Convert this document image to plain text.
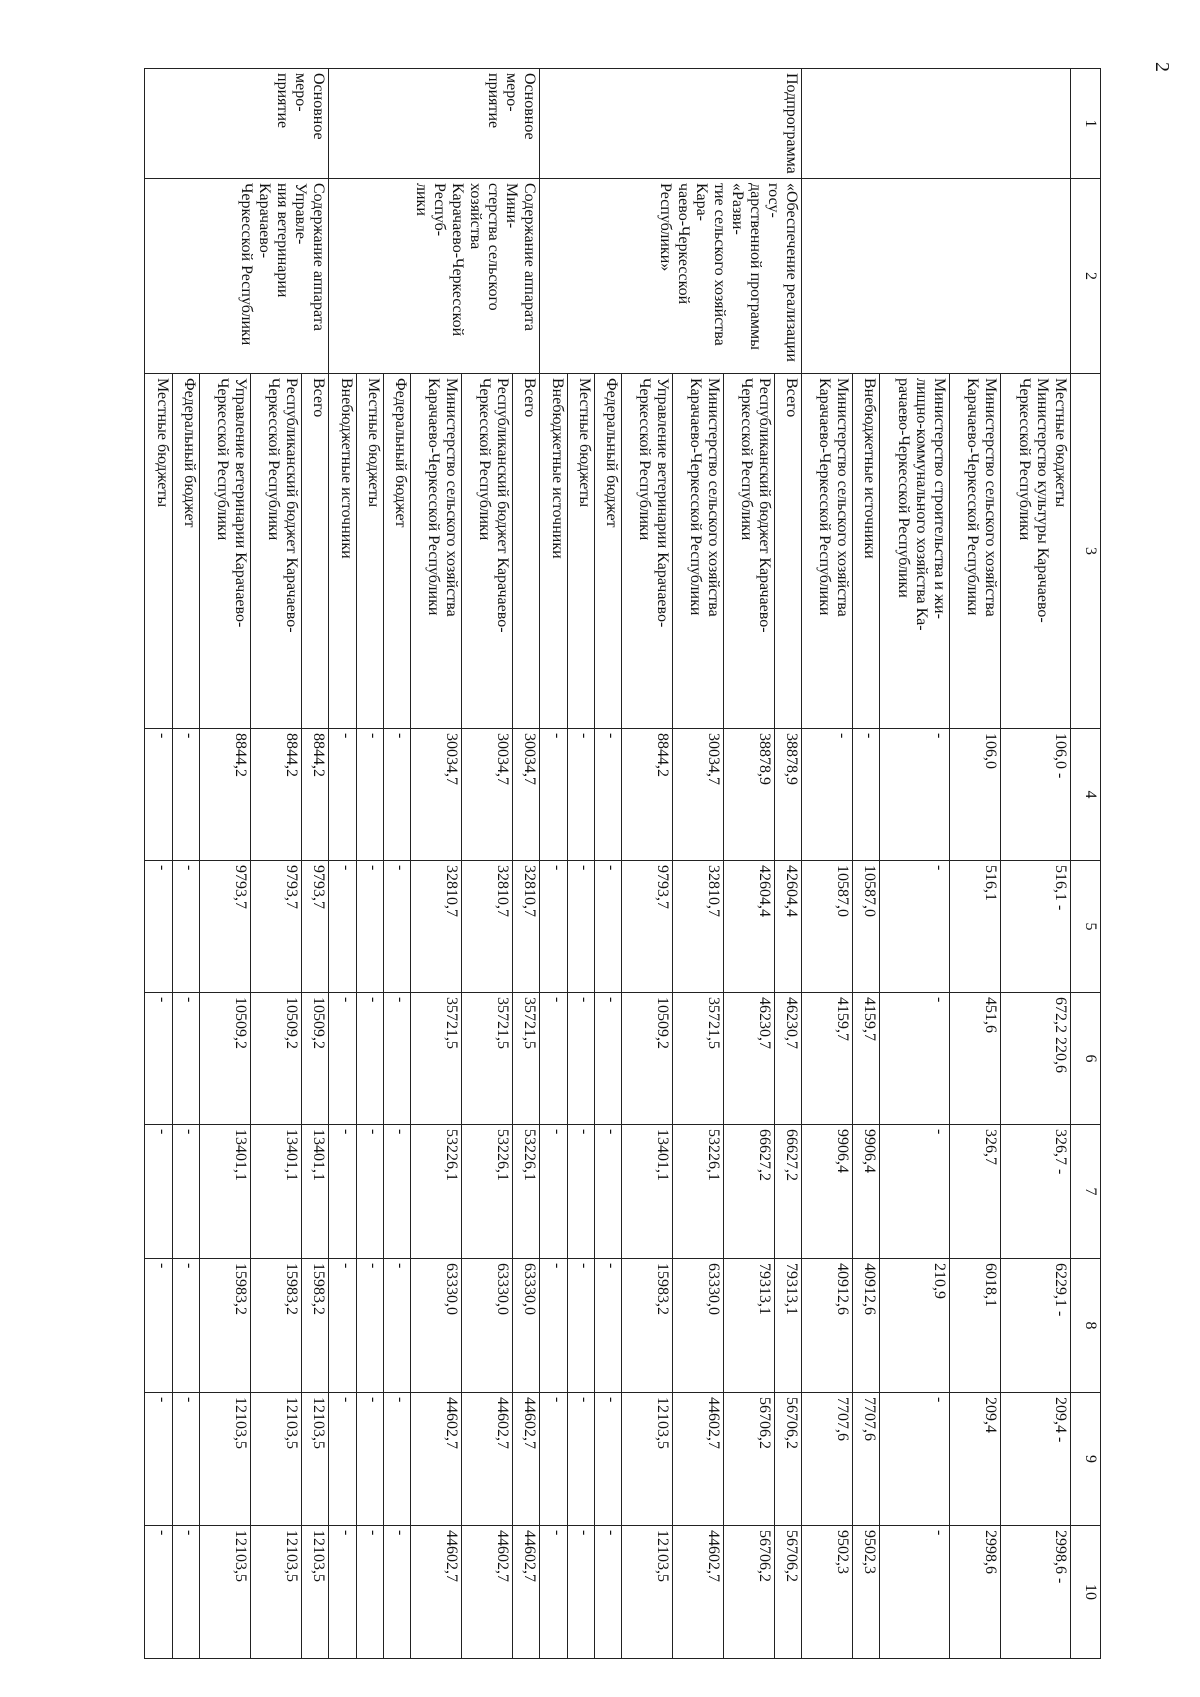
2
1	2	3	4	5	6	7	8	9	10
		Местные бюджеты
Министерство культуры Карачаево-
Черкесской Республики	106,0 -	516,1 -	672,2 220,6	326,7 -	6229,1 -	209,4 -	2998,6 -
		Министерство сельского хозяйства
Карачаево-Черкесской Республики	106,0	516,1	451,6	326,7	6018,1	209,4	2998,6
		Министерство строительства и жи-
лищно-коммунального хозяйства Ка-
рачаево-Черкесской Республики	-	-	-	-	210,9	-	-
		Внебюджетные источники	-	10587,0	4159,7	9906,4	40912,6	7707,6	9502,3
		Министерство сельского хозяйства
Карачаево-Черкесской Республики	-	10587,0	4159,7	9906,4	40912,6	7707,6	9502,3
Подпрограмма	«Обеспечение реализации госу-
дарственной программы «Разви-
тие сельского хозяйства Кара-
чаево-Черкесской Республики»	Всего	38878,9	42604,4	46230,7	66627,2	79313,1	56706,2	56706,2
		Республиканский бюджет Карачаево-
Черкесской Республики	38878,9	42604,4	46230,7	66627,2	79313,1	56706,2	56706,2
		Министерство сельского хозяйства
Карачаево-Черкесской Республики	30034,7	32810,7	35721,5	53226,1	63330,0	44602,7	44602,7
		Управление ветеринарии Карачаево-
Черкесской Республики	8844,2	9793,7	10509,2	13401,1	15983,2	12103,5	12103,5
		Федеральный бюджет	-	-	-	-	-	-	-
		Местные бюджеты	-	-	-	-	-	-	-
		Внебюджетные источники	-	-	-	-	-	-	-
Основное меро-
приятие	Содержание аппарата Мини-
стерства сельского хозяйства
Карачаево-Черкесской Респуб-
лики	Всего	30034,7	32810,7	35721,5	53226,1	63330,0	44602,7	44602,7
		Республиканский бюджет Карачаево-
Черкесской Республики	30034,7	32810,7	35721,5	53226,1	63330,0	44602,7	44602,7
		Министерство сельского хозяйства
Карачаево-Черкесской Республики	30034,7	32810,7	35721,5	53226,1	63330,0	44602,7	44602,7
		Федеральный бюджет	-	-	-	-	-	-	-
		Местные бюджеты	-	-	-	-	-	-	-
		Внебюджетные источники	-	-	-	-	-	-	-
Основное меро-
приятие	Содержание аппарата Управле-
ния ветеринарии Карачаево-
Черкесской Республики	Всего	8844,2	9793,7	10509,2	13401,1	15983,2	12103,5	12103,5
		Республиканский бюджет Карачаево-
Черкесской Республики	8844,2	9793,7	10509,2	13401,1	15983,2	12103,5	12103,5
		Управление ветеринарии Карачаево-
Черкесской Республики	8844,2	9793,7	10509,2	13401,1	15983,2	12103,5	12103,5
		Федеральный бюджет	-	-	-	-	-	-	-
		Местные бюджеты	-	-	-	-	-	-	-
